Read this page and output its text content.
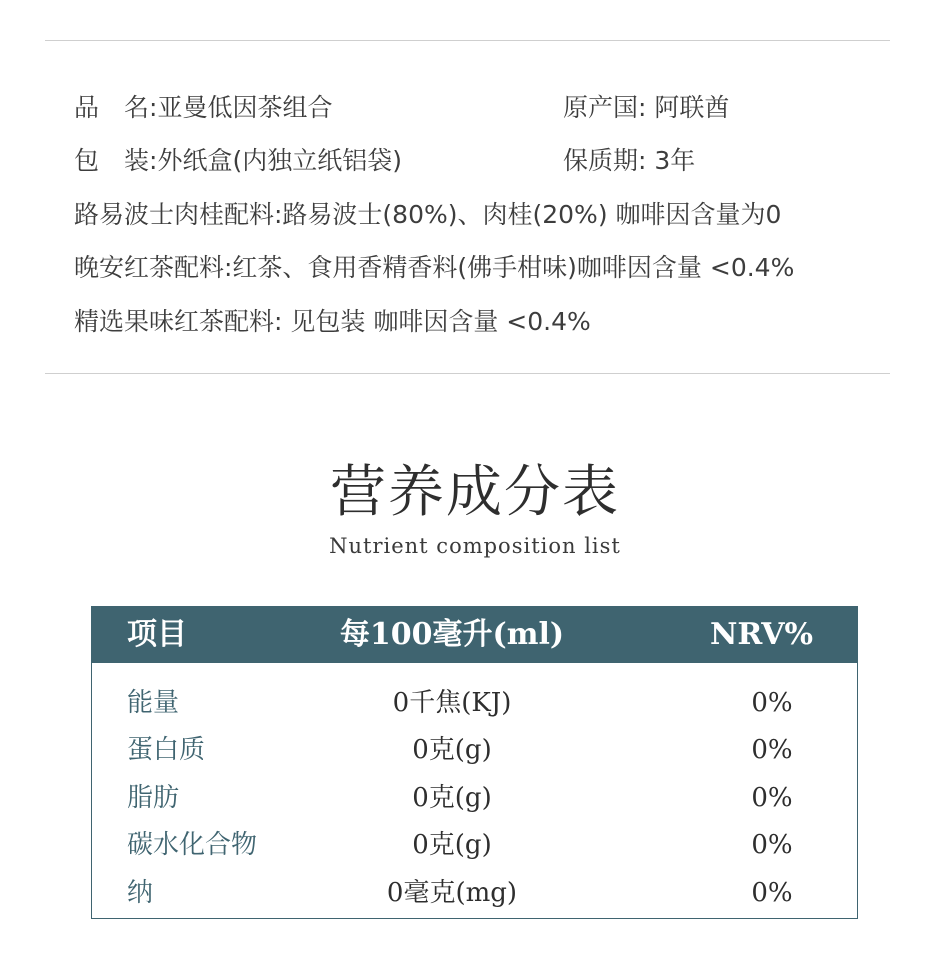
品　名:亚曼低因茶组合	原产国: 阿联酋
包　装:外纸盒(内独立纸铝袋)	保质期: 3年
路易波士肉桂配料:路易波士(80%)、肉桂(20%) 咖啡因含量为0
晚安红茶配料:红茶、食用香精香料(佛手柑味)咖啡因含量 <0.4%
精选果味红茶配料: 见包装 咖啡因含量 <0.4%
营养成分表
Nutrient composition list
项目	每100毫升(ml)	NRV%
能量	0千焦(KJ)	0%
蛋白质	0克(g)	0%
脂肪	0克(g)	0%
碳水化合物	0克(g)	0%
纳	0毫克(mg)	0%
